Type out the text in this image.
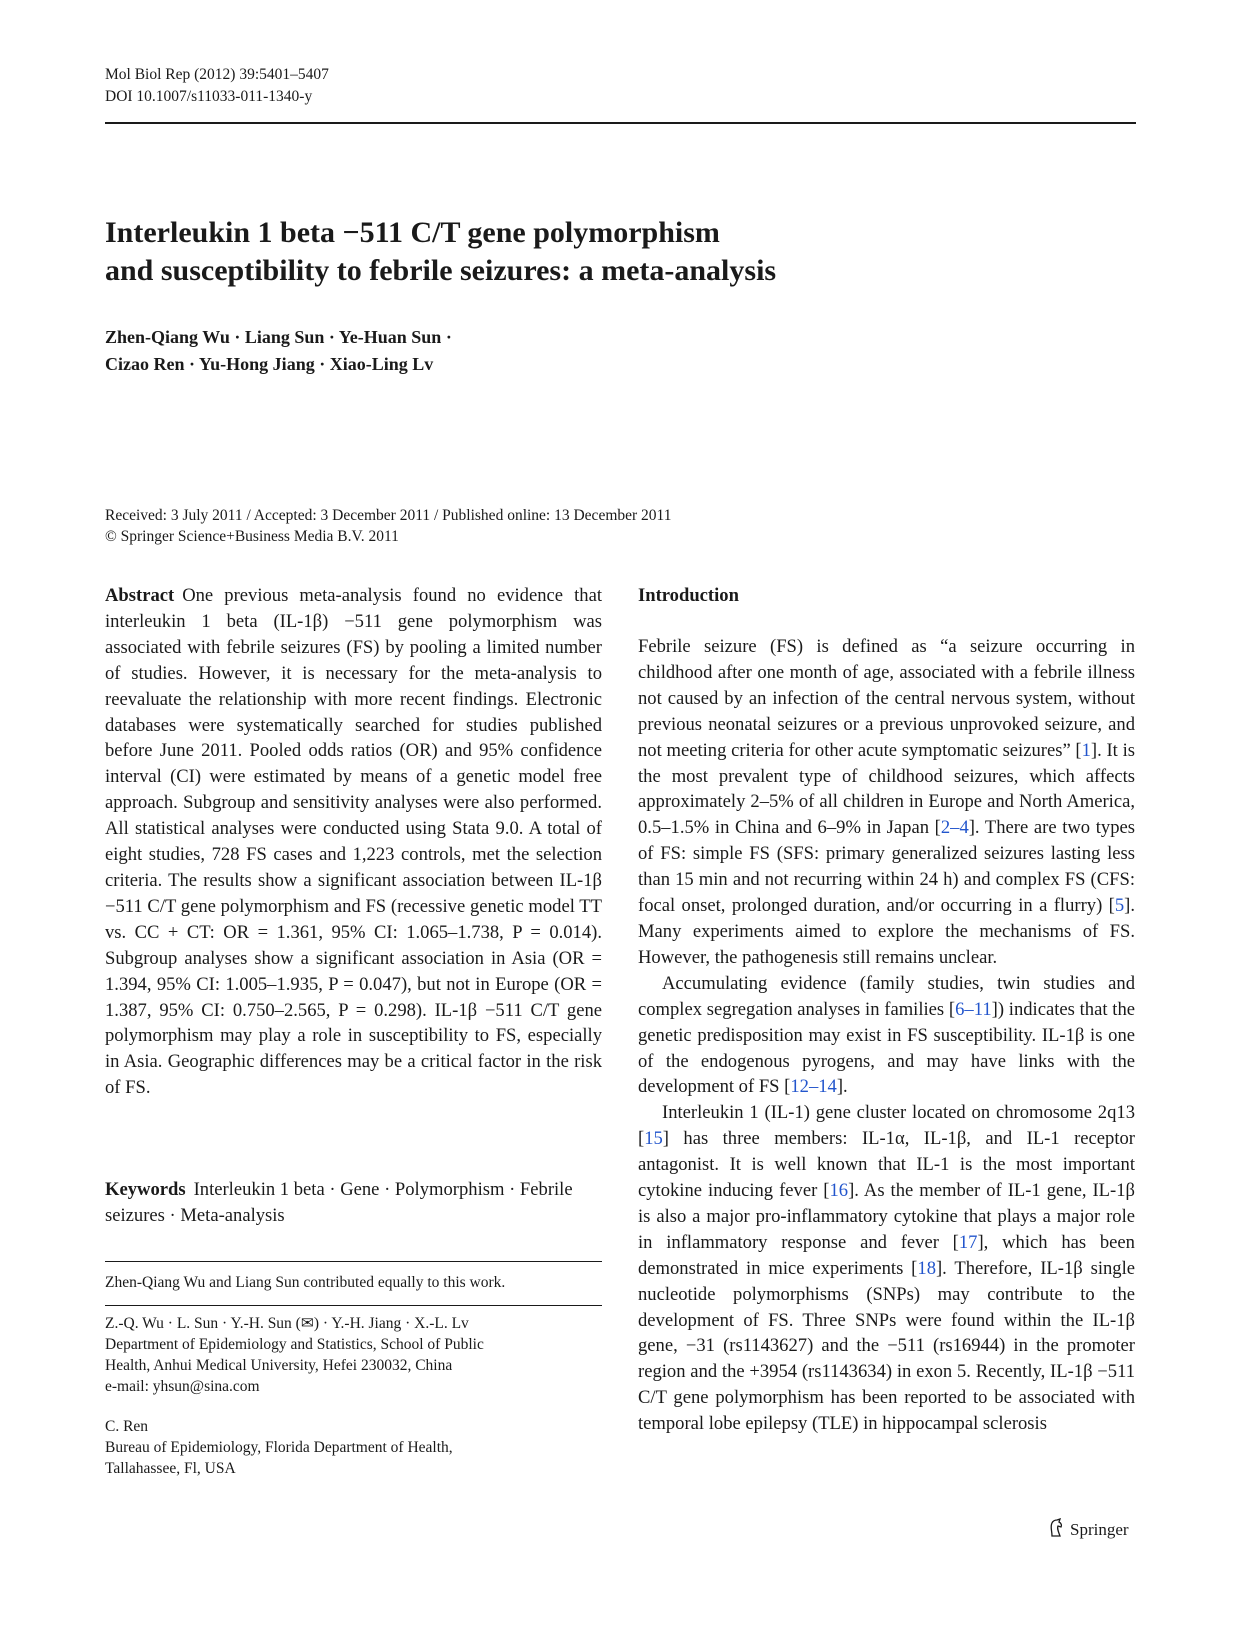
Mol Biol Rep (2012) 39:5401–5407
DOI 10.1007/s11033-011-1340-y
Interleukin 1 beta −511 C/T gene polymorphism
and susceptibility to febrile seizures: a meta-analysis
Zhen-Qiang Wu · Liang Sun · Ye-Huan Sun ·
Cizao Ren · Yu-Hong Jiang · Xiao-Ling Lv
Received: 3 July 2011 / Accepted: 3 December 2011 / Published online: 13 December 2011
© Springer Science+Business Media B.V. 2011
Abstract One previous meta-analysis found no evidence that interleukin 1 beta (IL-1β) −511 gene polymorphism was associated with febrile seizures (FS) by pooling a limited number of studies. However, it is necessary for the meta-analysis to reevaluate the relationship with more recent findings. Electronic databases were systematically searched for studies published before June 2011. Pooled odds ratios (OR) and 95% confidence interval (CI) were estimated by means of a genetic model free approach. Subgroup and sensitivity analyses were also performed. All statistical analyses were conducted using Stata 9.0. A total of eight studies, 728 FS cases and 1,223 controls, met the selection criteria. The results show a significant association between IL-1β −511 C/T gene polymorphism and FS (recessive genetic model TT vs. CC + CT: OR = 1.361, 95% CI: 1.065–1.738, P = 0.014). Subgroup analyses show a significant association in Asia (OR = 1.394, 95% CI: 1.005–1.935, P = 0.047), but not in Europe (OR = 1.387, 95% CI: 0.750–2.565, P = 0.298). IL-1β −511 C/T gene polymorphism may play a role in susceptibility to FS, especially in Asia. Geographic differences may be a critical factor in the risk of FS.
Keywords Interleukin 1 beta · Gene · Polymorphism · Febrile seizures · Meta-analysis
Zhen-Qiang Wu and Liang Sun contributed equally to this work.
Z.-Q. Wu · L. Sun · Y.-H. Sun (✉) · Y.-H. Jiang · X.-L. Lv
Department of Epidemiology and Statistics, School of Public
Health, Anhui Medical University, Hefei 230032, China
e-mail: yhsun@sina.com
C. Ren
Bureau of Epidemiology, Florida Department of Health,
Tallahassee, Fl, USA
Introduction

Febrile seizure (FS) is defined as “a seizure occurring in childhood after one month of age, associated with a febrile illness not caused by an infection of the central nervous system, without previous neonatal seizures or a previous unprovoked seizure, and not meeting criteria for other acute symptomatic seizures” [1]. It is the most prevalent type of childhood seizures, which affects approximately 2–5% of all children in Europe and North America, 0.5–1.5% in China and 6–9% in Japan [2–4]. There are two types of FS: simple FS (SFS: primary generalized seizures lasting less than 15 min and not recurring within 24 h) and complex FS (CFS: focal onset, prolonged duration, and/or occurring in a flurry) [5]. Many experiments aimed to explore the mechanisms of FS. However, the pathogenesis still remains unclear.

Accumulating evidence (family studies, twin studies and complex segregation analyses in families [6–11]) indicates that the genetic predisposition may exist in FS susceptibility. IL-1β is one of the endogenous pyrogens, and may have links with the development of FS [12–14].

Interleukin 1 (IL-1) gene cluster located on chromosome 2q13 [15] has three members: IL-1α, IL-1β, and IL-1 receptor antagonist. It is well known that IL-1 is the most important cytokine inducing fever [16]. As the member of IL-1 gene, IL-1β is also a major pro-inflammatory cytokine that plays a major role in inflammatory response and fever [17], which has been demonstrated in mice experiments [18]. Therefore, IL-1β single nucleotide polymorphisms (SNPs) may contribute to the development of FS. Three SNPs were found within the IL-1β gene, −31 (rs1143627) and the −511 (rs16944) in the promoter region and the +3954 (rs1143634) in exon 5. Recently, IL-1β −511 C/T gene polymorphism has been reported to be associated with temporal lobe epilepsy (TLE) in hippocampal sclerosis

Springer
